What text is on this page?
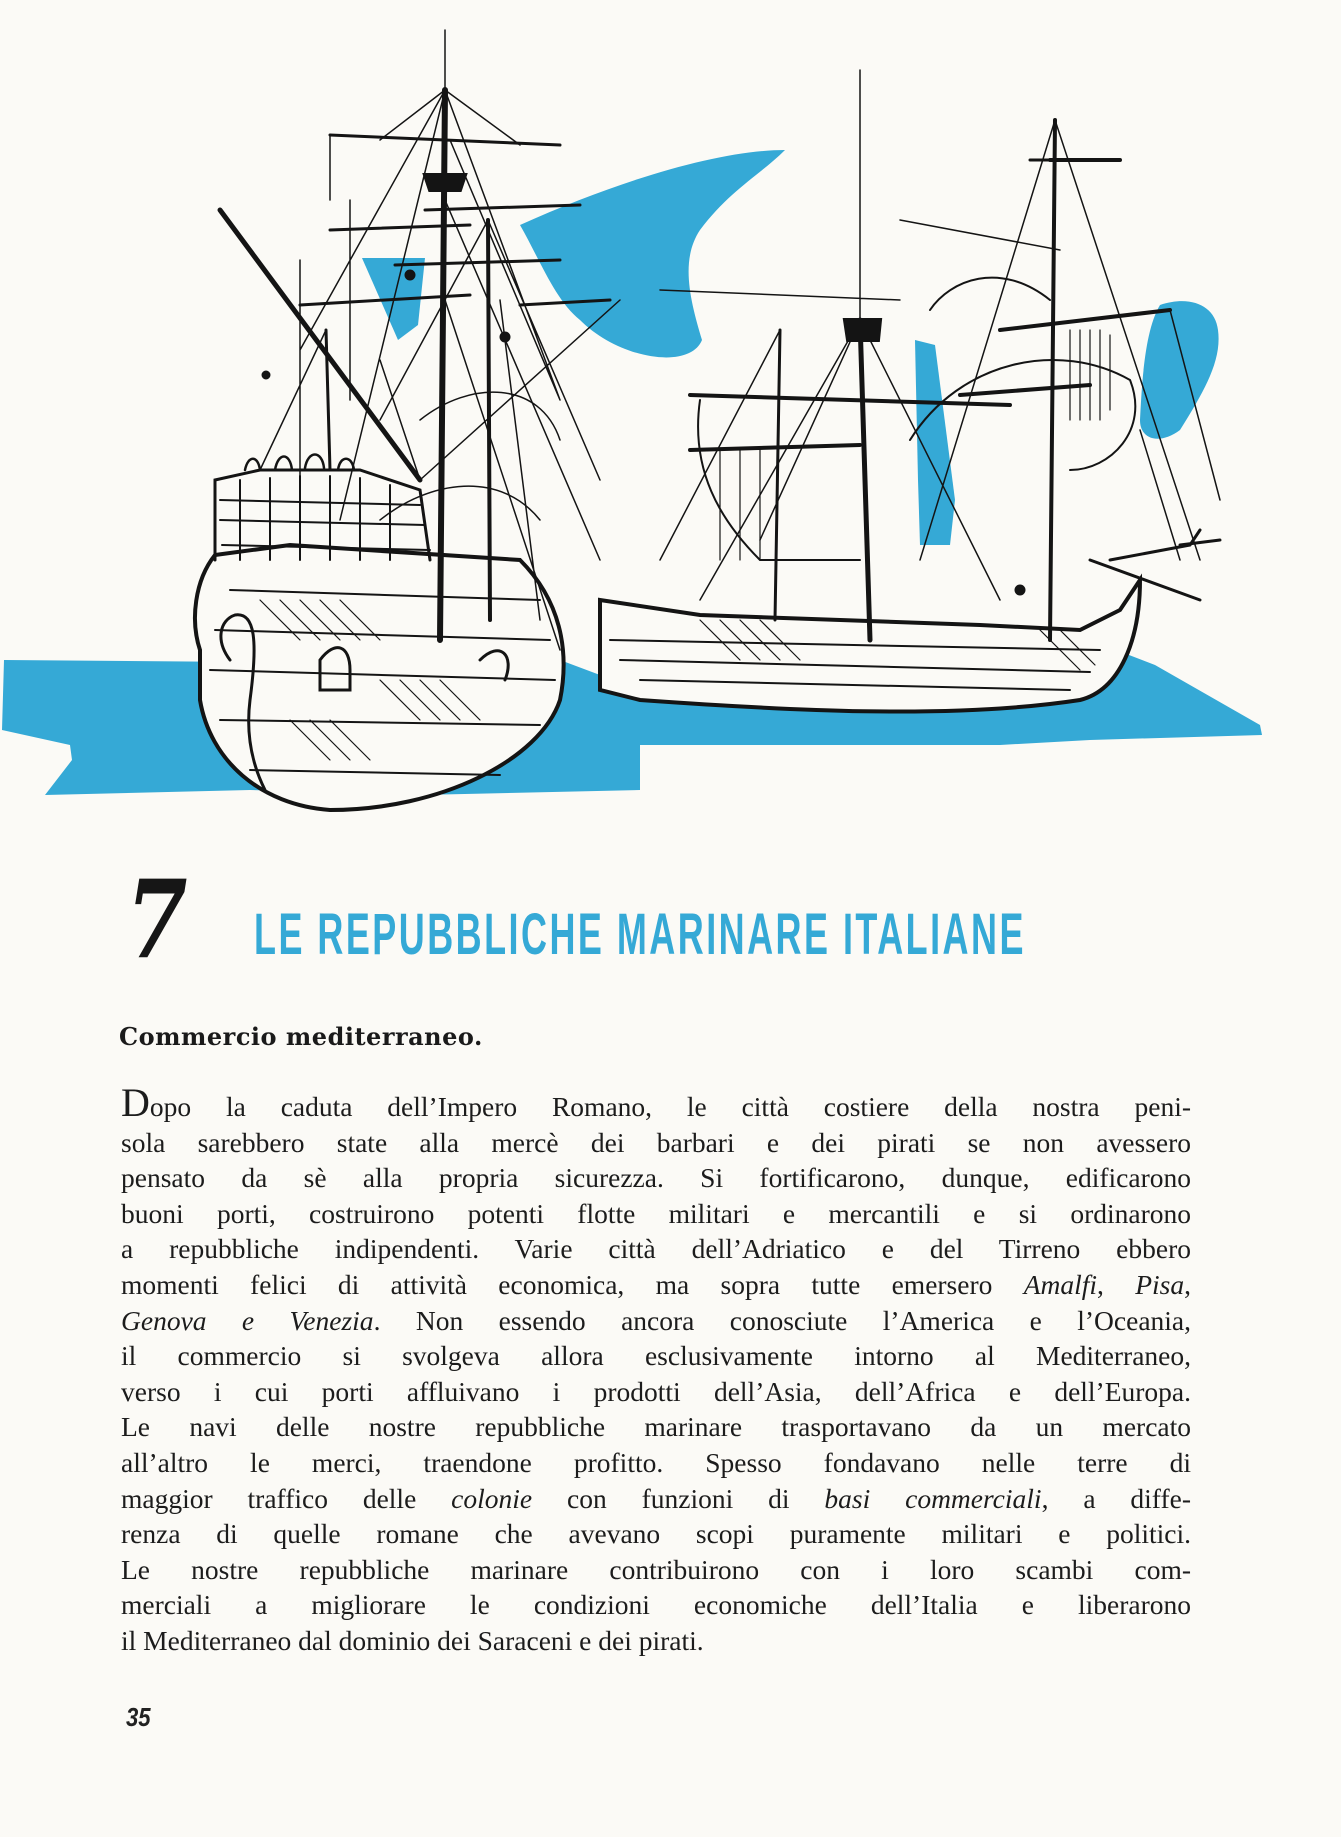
7 LE REPUBBLICHE MARINARE ITALIANE
Commercio mediterraneo.
Dopo la caduta dell’Impero Romano, le città costiere della nostra peni-
sola sarebbero state alla mercè dei barbari e dei pirati se non avessero
pensato da sè alla propria sicurezza. Si fortificarono, dunque, edificarono
buoni porti, costruirono potenti flotte militari e mercantili e si ordinarono
a repubbliche indipendenti. Varie città dell’Adriatico e del Tirreno ebbero
momenti felici di attività economica, ma sopra tutte emersero Amalfi, Pisa,
Genova e Venezia. Non essendo ancora conosciute l’America e l’Oceania,
il commercio si svolgeva allora esclusivamente intorno al Mediterraneo,
verso i cui porti affluivano i prodotti dell’Asia, dell’Africa e dell’Europa.
Le navi delle nostre repubbliche marinare trasportavano da un mercato
all’altro le merci, traendone profitto. Spesso fondavano nelle terre di
maggior traffico delle colonie con funzioni di basi commerciali, a diffe-
renza di quelle romane che avevano scopi puramente militari e politici.
Le nostre repubbliche marinare contribuirono con i loro scambi com-
merciali a migliorare le condizioni economiche dell’Italia e liberarono
il Mediterraneo dal dominio dei Saraceni e dei pirati.
35
